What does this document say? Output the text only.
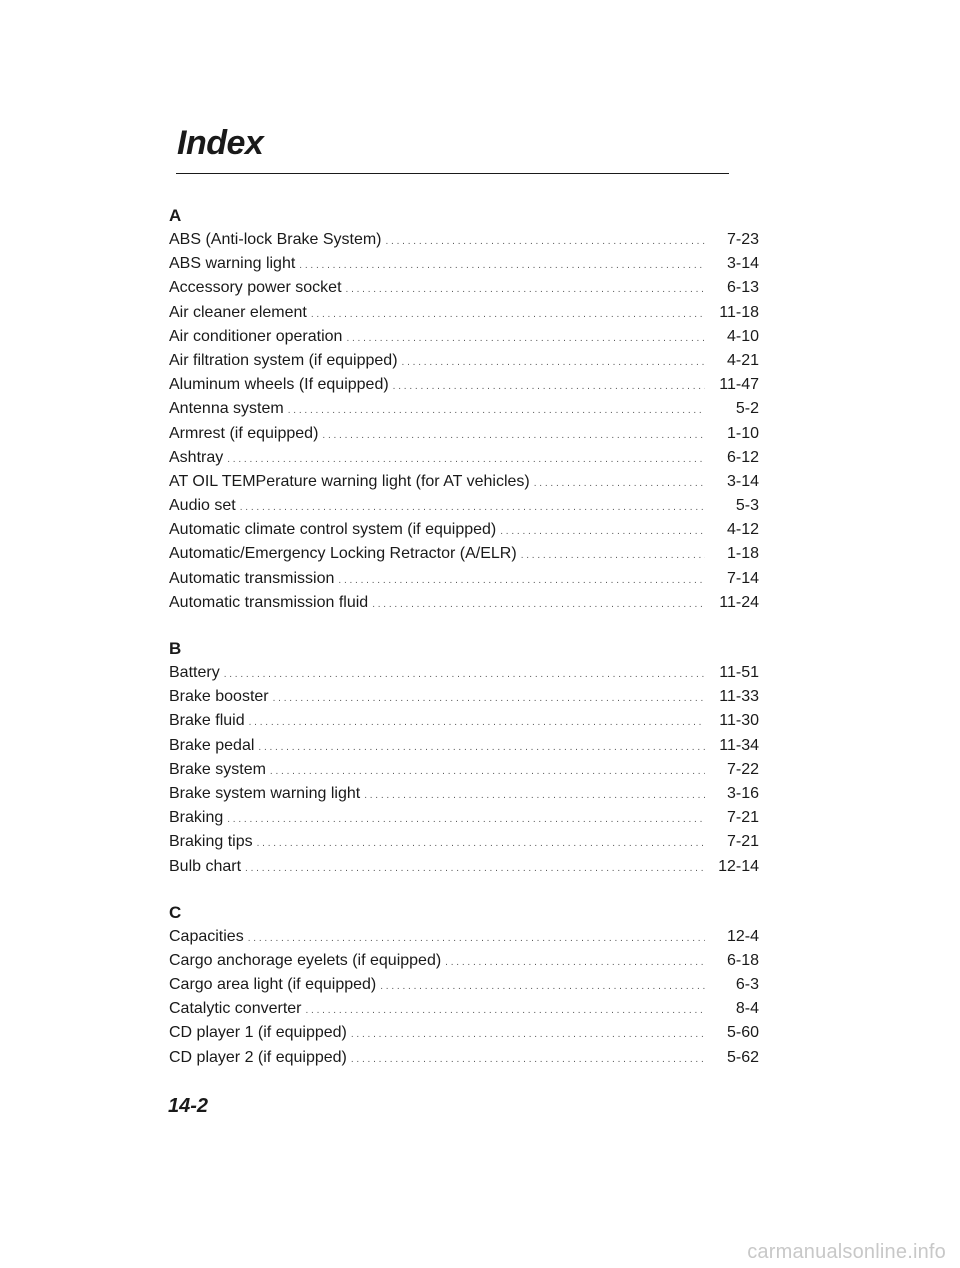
Index
A
ABS (Anti-lock Brake System) . . .	7-23
ABS warning light . . .	3-14
Accessory power socket . . .	6-13
Air cleaner element . . .	11-18
Air conditioner operation . . .	4-10
Air filtration system (if equipped) . . .	4-21
Aluminum wheels (If equipped) . . .	11-47
Antenna system . . .	5-2
Armrest (if equipped) . . .	1-10
Ashtray . . .	6-12
AT OIL TEMPerature warning light (for AT vehicles) . . .	3-14
Audio set . . .	5-3
Automatic climate control system (if equipped) . . .	4-12
Automatic/Emergency Locking Retractor (A/ELR) . . .	1-18
Automatic transmission . . .	7-14
Automatic transmission fluid . . .	11-24
B
Battery . . .	11-51
Brake booster . . .	11-33
Brake fluid . . .	11-30
Brake pedal . . .	11-34
Brake system . . .	7-22
Brake system warning light . . .	3-16
Braking . . .	7-21
Braking tips . . .	7-21
Bulb chart . . .	12-14
C
Capacities . . .	12-4
Cargo anchorage eyelets (if equipped) . . .	6-18
Cargo area light (if equipped) . . .	6-3
Catalytic converter . . .	8-4
CD player 1 (if equipped) . . .	5-60
CD player 2 (if equipped) . . .	5-62
14-2
carmanualsonline.info
